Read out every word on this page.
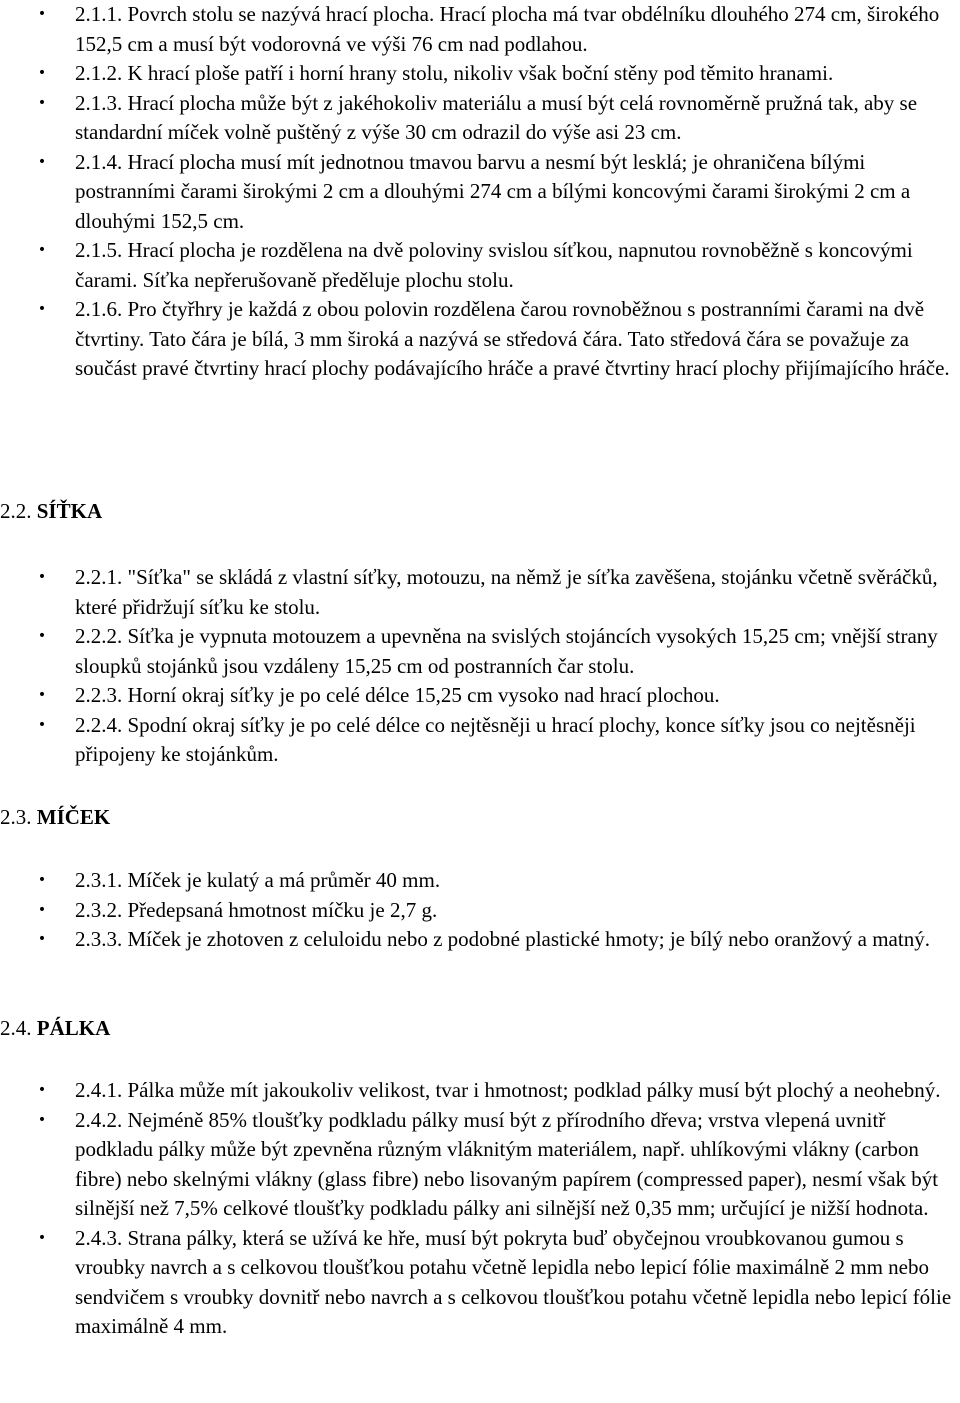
• 2.1.1. Povrch stolu se nazývá hrací plocha. Hrací plocha má tvar obdélníku dlouhého 274 cm, širokého 152,5 cm a musí být vodorovná ve výši 76 cm nad podlahou.
• 2.1.2. K hrací ploše patří i horní hrany stolu, nikoliv však boční stěny pod těmito hranami.
• 2.1.3. Hrací plocha může být z jakéhokoliv materiálu a musí být celá rovnoměrně pružná tak, aby se standardní míček volně puštěný z výše 30 cm odrazil do výše asi 23 cm.
• 2.1.4. Hrací plocha musí mít jednotnou tmavou barvu a nesmí být lesklá; je ohraničena bílými postranními čarami širokými 2 cm a dlouhými 274 cm a bílými koncovými čarami širokými 2 cm a dlouhými 152,5 cm.
• 2.1.5. Hrací plocha je rozdělena na dvě poloviny svislou síťkou, napnutou rovnoběžně s koncovými čarami. Síťka nepřerušovaně předěluje plochu stolu.
• 2.1.6. Pro čtyřhry je každá z obou polovin rozdělena čarou rovnoběžnou s postranními čarami na dvě čtvrtiny. Tato čára je bílá, 3 mm široká a nazývá se středová čára. Tato středová čára se považuje za součást pravé čtvrtiny hrací plochy podávajícího hráče a pravé čtvrtiny hrací plochy přijímajícího hráče.
2.2. SÍŤKA
• 2.2.1. "Síťka" se skládá z vlastní síťky, motouzu, na němž je síťka zavěšena, stojánku včetně svěráčků, které přidržují síťku ke stolu.
• 2.2.2. Síťka je vypnuta motouzem a upevněna na svislých stojáncích vysokých 15,25 cm; vnější strany sloupků stojánků jsou vzdáleny 15,25 cm od postranních čar stolu.
• 2.2.3. Horní okraj síťky je po celé délce 15,25 cm vysoko nad hrací plochou.
• 2.2.4. Spodní okraj síťky je po celé délce co nejtěsněji u hrací plochy, konce síťky jsou co nejtěsněji připojeny ke stojánkům.
2.3. MÍČEK
• 2.3.1. Míček je kulatý a má průměr 40 mm.
• 2.3.2. Předepsaná hmotnost míčku je 2,7 g.
• 2.3.3. Míček je zhotoven z celuloidu nebo z podobné plastické hmoty; je bílý nebo oranžový a matný.
2.4. PÁLKA
• 2.4.1. Pálka může mít jakoukoliv velikost, tvar i hmotnost; podklad pálky musí být plochý a neohebný.
• 2.4.2. Nejméně 85% tloušťky podkladu pálky musí být z přírodního dřeva; vrstva vlepená uvnitř podkladu pálky může být zpevněna různým vláknitým materiálem, např. uhlíkovými vlákny (carbon fibre) nebo skelnými vlákny (glass fibre) nebo lisovaným papírem (compressed paper), nesmí však být silnější než 7,5% celkové tloušťky podkladu pálky ani silnější než 0,35 mm; určující je nižší hodnota.
• 2.4.3. Strana pálky, která se užívá ke hře, musí být pokryta buď obyčejnou vroubkovanou gumou s vroubky navrch a s celkovou tloušťkou potahu včetně lepidla nebo lepicí fólie maximálně 2 mm nebo sendvičem s vroubky dovnitř nebo navrch a s celkovou tloušťkou potahu včetně lepidla nebo lepicí fólie maximálně 4 mm.
